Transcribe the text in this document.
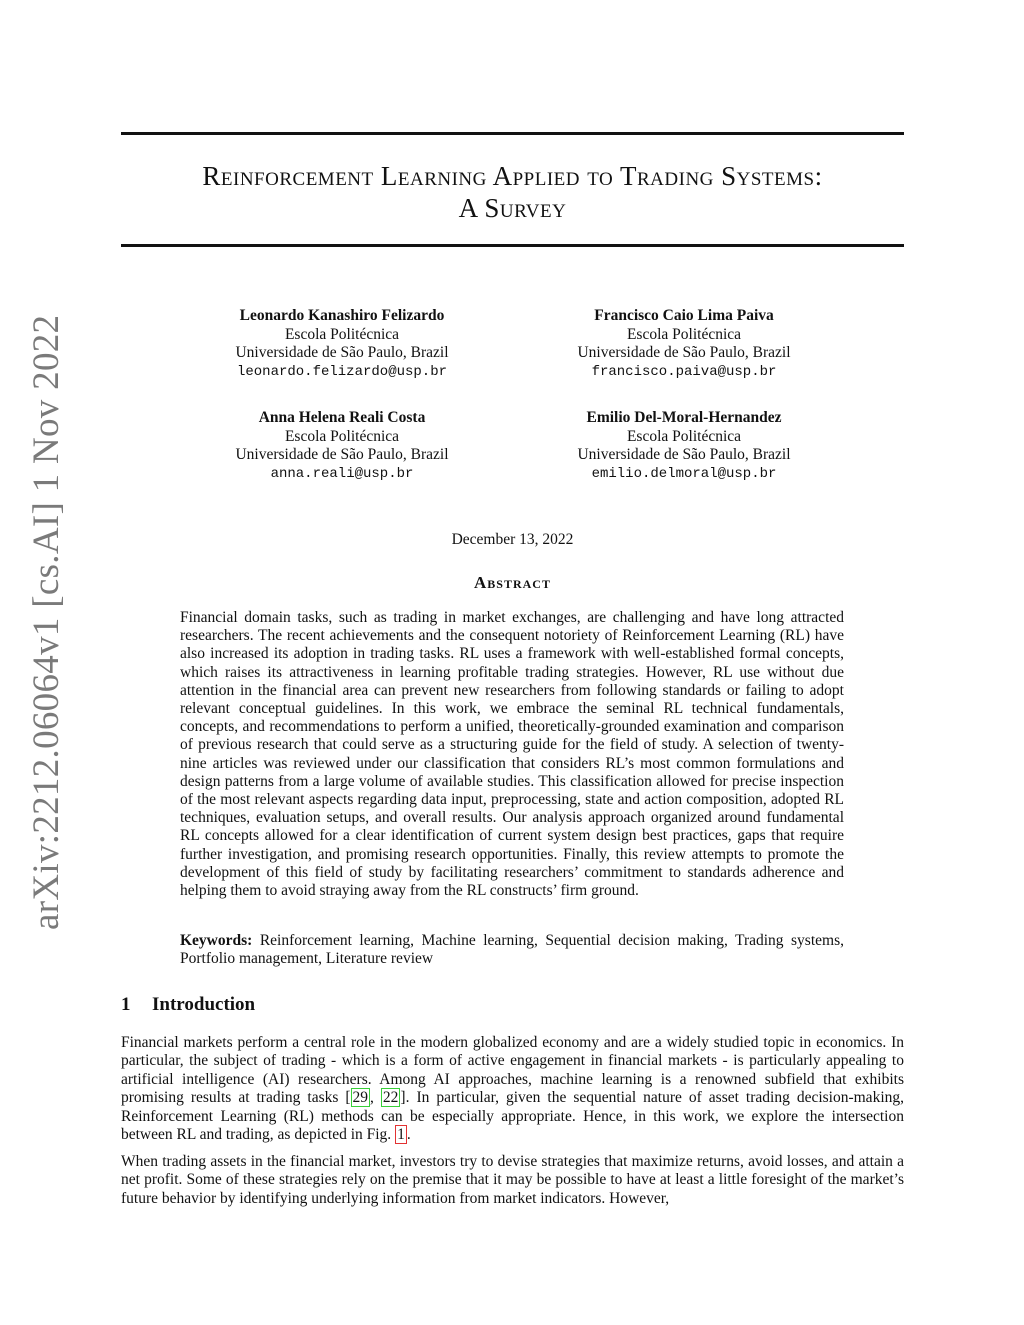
arXiv:2212.06064v1 [cs.AI] 1 Nov 2022
Reinforcement Learning Applied to Trading Systems:
A Survey
Leonardo Kanashiro Felizardo
Escola Politécnica
Universidade de São Paulo, Brazil
leonardo.felizardo@usp.br
Francisco Caio Lima Paiva
Escola Politécnica
Universidade de São Paulo, Brazil
francisco.paiva@usp.br
Anna Helena Reali Costa
Escola Politécnica
Universidade de São Paulo, Brazil
anna.reali@usp.br
Emilio Del-Moral-Hernandez
Escola Politécnica
Universidade de São Paulo, Brazil
emilio.delmoral@usp.br
December 13, 2022
Abstract

Financial domain tasks, such as trading in market exchanges, are challenging and have long attracted researchers. The recent achievements and the consequent notoriety of Reinforcement Learning (RL) have also increased its adoption in trading tasks. RL uses a framework with well-established formal concepts, which raises its attractiveness in learning profitable trading strategies. However, RL use without due attention in the financial area can prevent new researchers from following standards or failing to adopt relevant conceptual guidelines. In this work, we embrace the seminal RL technical fundamentals, concepts, and recommendations to perform a unified, theoretically-grounded examination and comparison of previous research that could serve as a structuring guide for the field of study. A selection of twenty-nine articles was reviewed under our classification that considers RL’s most common formulations and design patterns from a large volume of available studies. This classification allowed for precise inspection of the most relevant aspects regarding data input, preprocessing, state and action composition, adopted RL techniques, evaluation setups, and overall results. Our analysis approach organized around fundamental RL concepts allowed for a clear identification of current system design best practices, gaps that require further investigation, and promising research opportunities. Finally, this review attempts to promote the development of this field of study by facilitating researchers’ commitment to standards adherence and helping them to avoid straying away from the RL constructs’ firm ground.

Keywords: Reinforcement learning, Machine learning, Sequential decision making, Trading systems, Portfolio management, Literature review

1 Introduction

Financial markets perform a central role in the modern globalized economy and are a widely studied topic in economics. In particular, the subject of trading - which is a form of active engagement in financial markets - is particularly appealing to artificial intelligence (AI) researchers. Among AI approaches, machine learning is a renowned subfield that exhibits promising results at trading tasks [ 29 , 22 ]. In particular, given the sequential nature of asset trading decision-making, Reinforcement Learning (RL) methods can be especially appropriate. Hence, in this work, we explore the intersection between RL and trading, as depicted in Fig. 1 .

When trading assets in the financial market, investors try to devise strategies that maximize returns, avoid losses, and attain a net profit. Some of these strategies rely on the premise that it may be possible to have at least a little foresight of the market’s future behavior by identifying underlying information from market indicators. However,
